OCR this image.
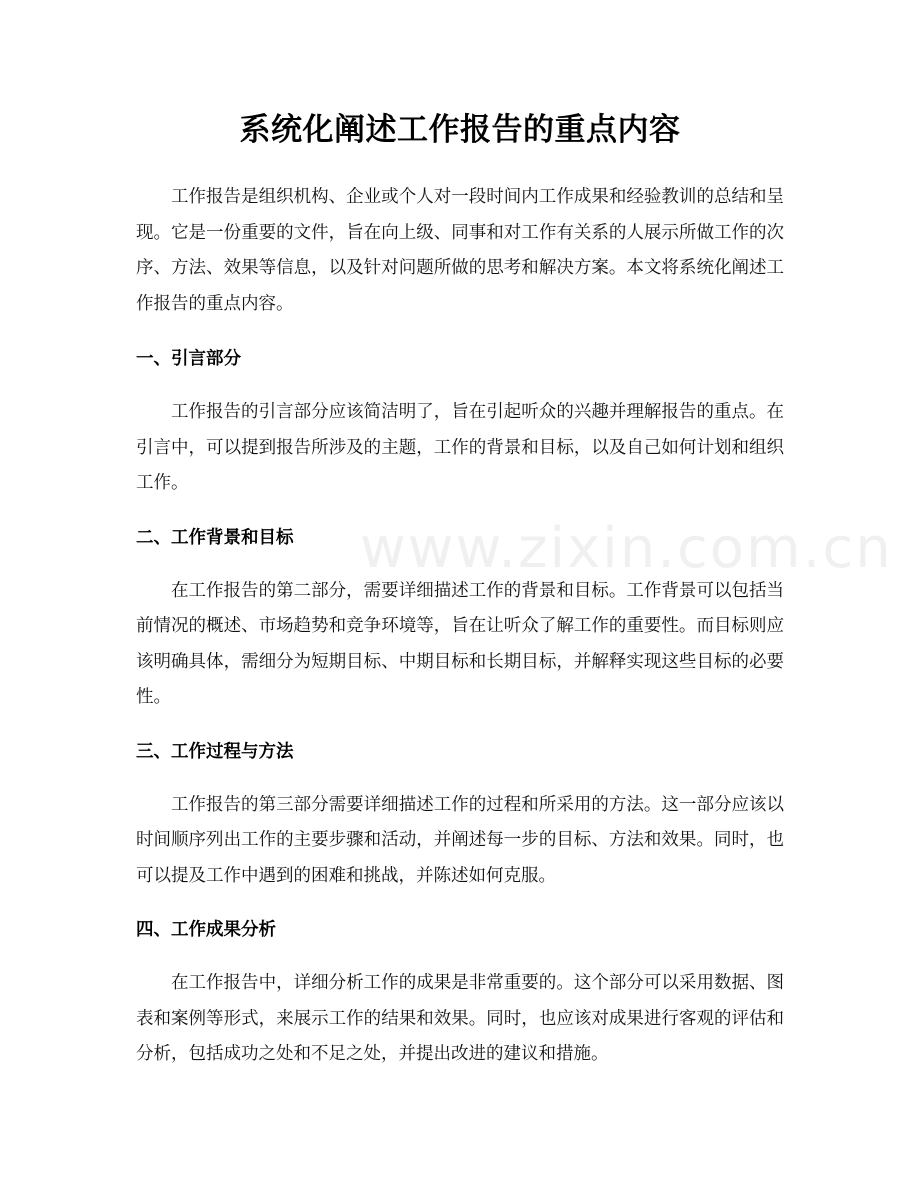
系统化阐述工作报告的重点内容

工作报告是组织机构、企业或个人对一段时间内工作成果和经验教训的总结和呈现。它是一份重要的文件，旨在向上级、同事和对工作有关系的人展示所做工作的次序、方法、效果等信息，以及针对问题所做的思考和解决方案。本文将系统化阐述工作报告的重点内容。

一、引言部分

工作报告的引言部分应该简洁明了，旨在引起听众的兴趣并理解报告的重点。在引言中，可以提到报告所涉及的主题，工作的背景和目标，以及自己如何计划和组织工作。

二、工作背景和目标

在工作报告的第二部分，需要详细描述工作的背景和目标。工作背景可以包括当前情况的概述、市场趋势和竞争环境等，旨在让听众了解工作的重要性。而目标则应该明确具体，需细分为短期目标、中期目标和长期目标，并解释实现这些目标的必要性。

三、工作过程与方法

工作报告的第三部分需要详细描述工作的过程和所采用的方法。这一部分应该以时间顺序列出工作的主要步骤和活动，并阐述每一步的目标、方法和效果。同时，也可以提及工作中遇到的困难和挑战，并陈述如何克服。

四、工作成果分析

在工作报告中，详细分析工作的成果是非常重要的。这个部分可以采用数据、图表和案例等形式，来展示工作的结果和效果。同时，也应该对成果进行客观的评估和分析，包括成功之处和不足之处，并提出改进的建议和措施。

www.zixin.com.cn
